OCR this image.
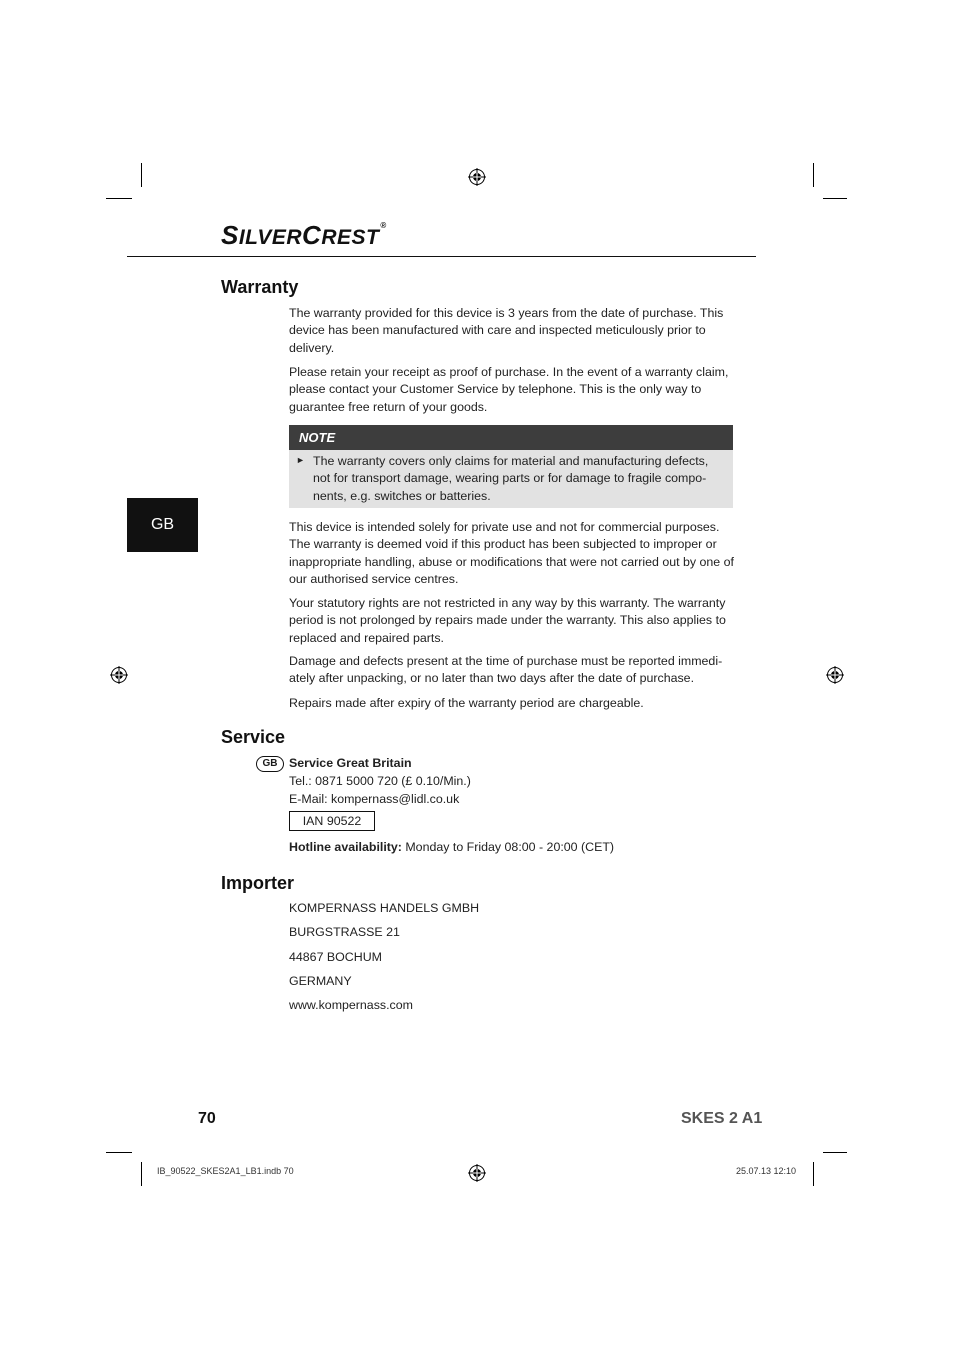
SILVERCREST®
GB
Warranty

The warranty provided for this device is 3 years from the date of purchase. This device has been manufactured with care and inspected meticulously prior to delivery.

Please retain your receipt as proof of purchase. In the event of a warranty claim, please contact your Customer Service by telephone. This is the only way to guarantee free return of your goods.

NOTE
► The warranty covers only claims for material and manufacturing defects, not for transport damage, wearing parts or for damage to fragile compo-nents, e.g. switches or batteries.

This device is intended solely for private use and not for commercial purposes. The warranty is deemed void if this product has been subjected to improper or inappropriate handling, abuse or modifications that were not carried out by one of our authorised service centres.

Your statutory rights are not restricted in any way by this warranty. The warranty period is not prolonged by repairs made under the warranty. This also applies to replaced and repaired parts.

Damage and defects present at the time of purchase must be reported immedi-ately after unpacking, or no later than two days after the date of purchase.

Repairs made after expiry of the warranty period are chargeable.

Service
GB Service Great Britain

Tel.: 0871 5000 720 (£ 0.10/Min.)

E-Mail: kompernass@lidl.co.uk

IAN 90522

Hotline availability: Monday to Friday 08:00 - 20:00 (CET)

Importer

KOMPERNASS HANDELS GMBH

BURGSTRASSE 21

44867 BOCHUM

GERMANY

www.kompernass.com

70	SKES 2 A1
IB_90522_SKES2A1_LB1.indb 70	25.07.13 12:10
